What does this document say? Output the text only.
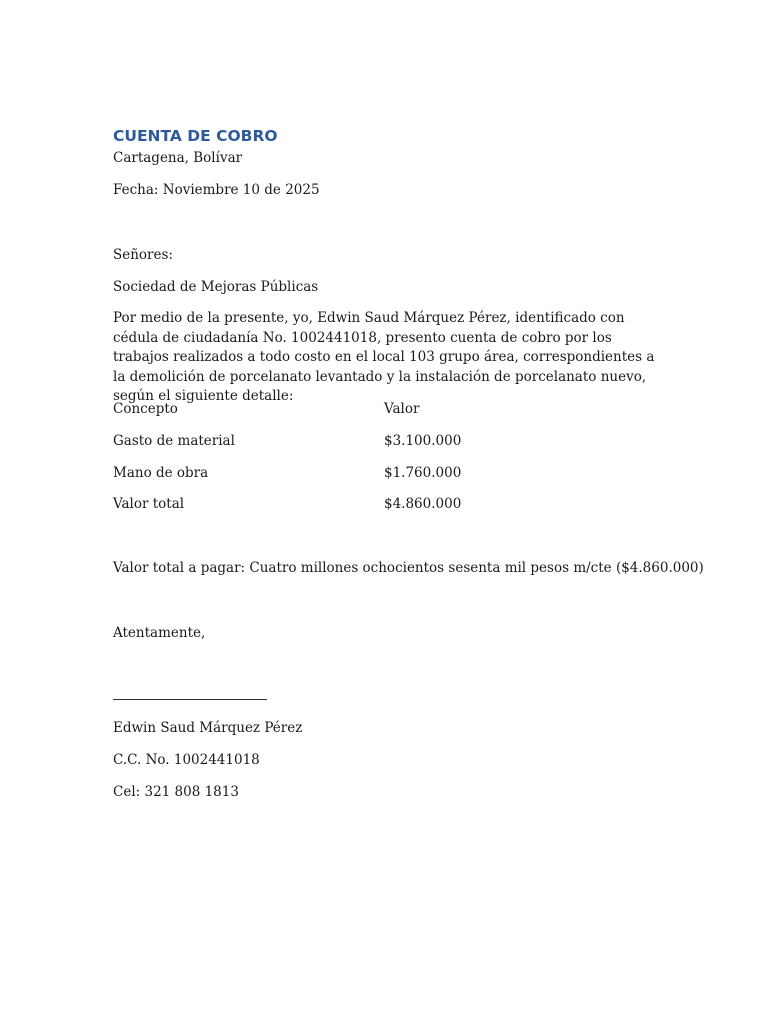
CUENTA DE COBRO
Cartagena, Bolívar
Fecha: Noviembre 10 de 2025
Señores:
Sociedad de Mejoras Públicas
Por medio de la presente, yo, Edwin Saud Márquez Pérez, identificado con cédula de ciudadanía No. 1002441018, presento cuenta de cobro por los trabajos realizados a todo costo en el local 103 grupo área, correspondientes a la demolición de porcelanato levantado y la instalación de porcelanato nuevo, según el siguiente detalle:
Concepto	Valor
Gasto de material	$3.100.000
Mano de obra	$1.760.000
Valor total	$4.860.000
Valor total a pagar: Cuatro millones ochocientos sesenta mil pesos m/cte ($4.860.000)
Atentamente,
Edwin Saud Márquez Pérez
C.C. No. 1002441018
Cel: 321 808 1813
